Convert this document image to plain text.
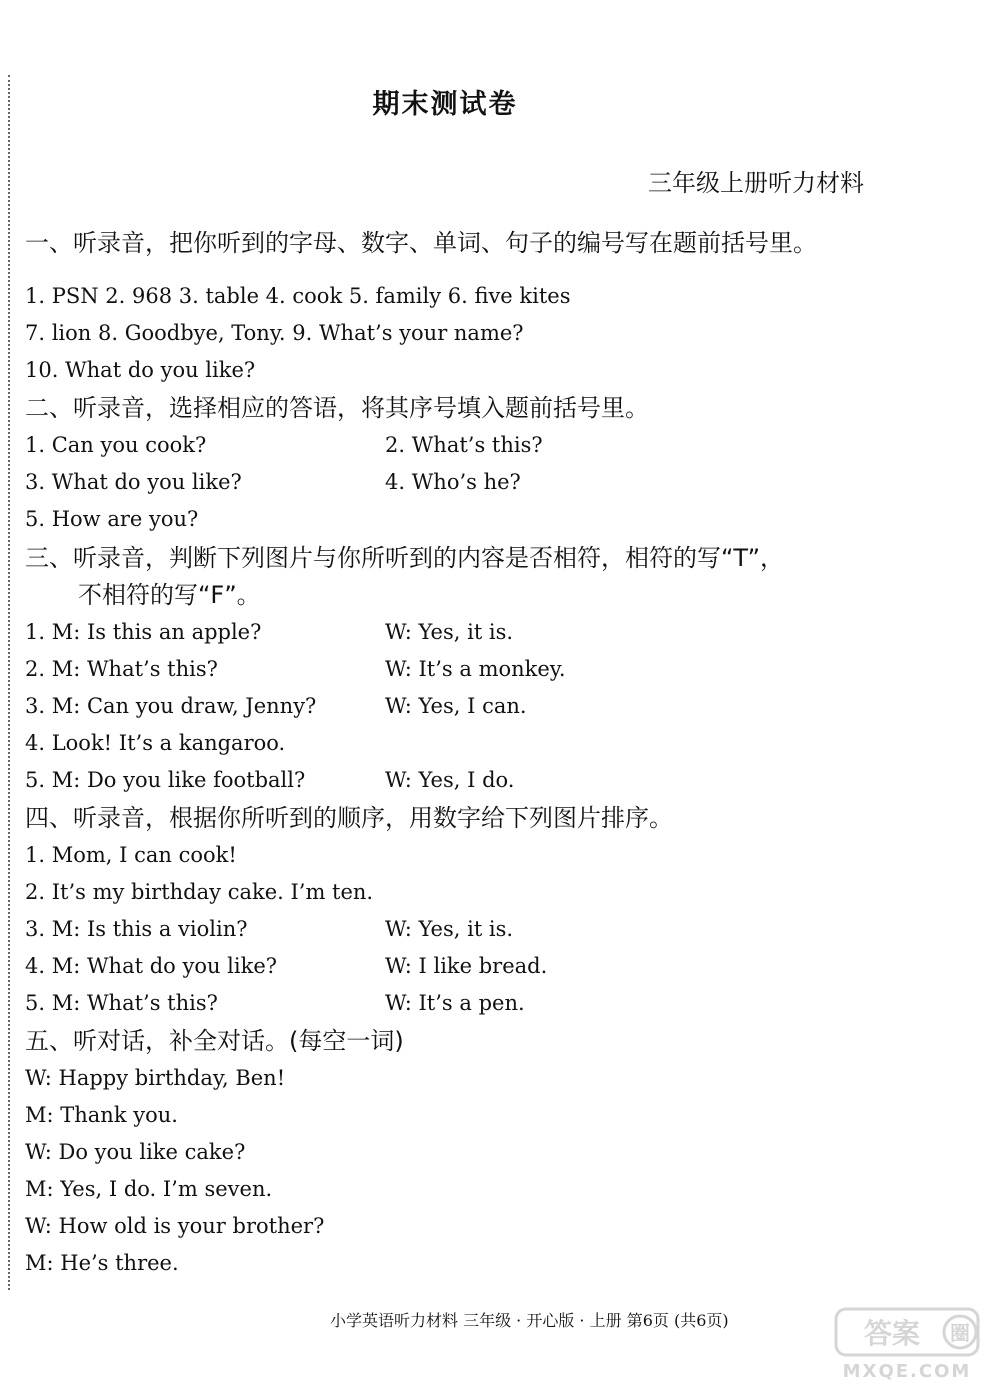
期末测试卷
三年级上册听力材料
一、听录音，把你听到的字母、数字、单词、句子的编号写在题前括号里。
1. PSN 2. 968 3. table 4. cook 5. family 6. five kites
7. lion 8. Goodbye, Tony. 9. What’s your name?
10. What do you like?
二、听录音，选择相应的答语，将其序号填入题前括号里。
1. Can you cook?	2. What’s this?
3. What do you like?	4. Who’s he?
5. How are you?
三、听录音，判断下列图片与你所听到的内容是否相符，相符的写“T”，
不相符的写“F”。
1. M: Is this an apple?	W: Yes, it is.
2. M: What’s this?	W: It’s a monkey.
3. M: Can you draw, Jenny?	W: Yes, I can.
4. Look! It’s a kangaroo.
5. M: Do you like football?	W: Yes, I do.
四、听录音，根据你所听到的顺序，用数字给下列图片排序。
1. Mom, I can cook!
2. It’s my birthday cake. I’m ten.
3. M: Is this a violin?	W: Yes, it is.
4. M: What do you like?	W: I like bread.
5. M: What’s this?	W: It’s a pen.
五、听对话，补全对话。(每空一词)
W: Happy birthday, Ben!
M: Thank you.
W: Do you like cake?
M: Yes, I do. I’m seven.
W: How old is your brother?
M: He’s three.
小学英语听力材料 三年级 · 开心版 · 上册 第6页 (共6页)	答案 圈
MXQE.COM
